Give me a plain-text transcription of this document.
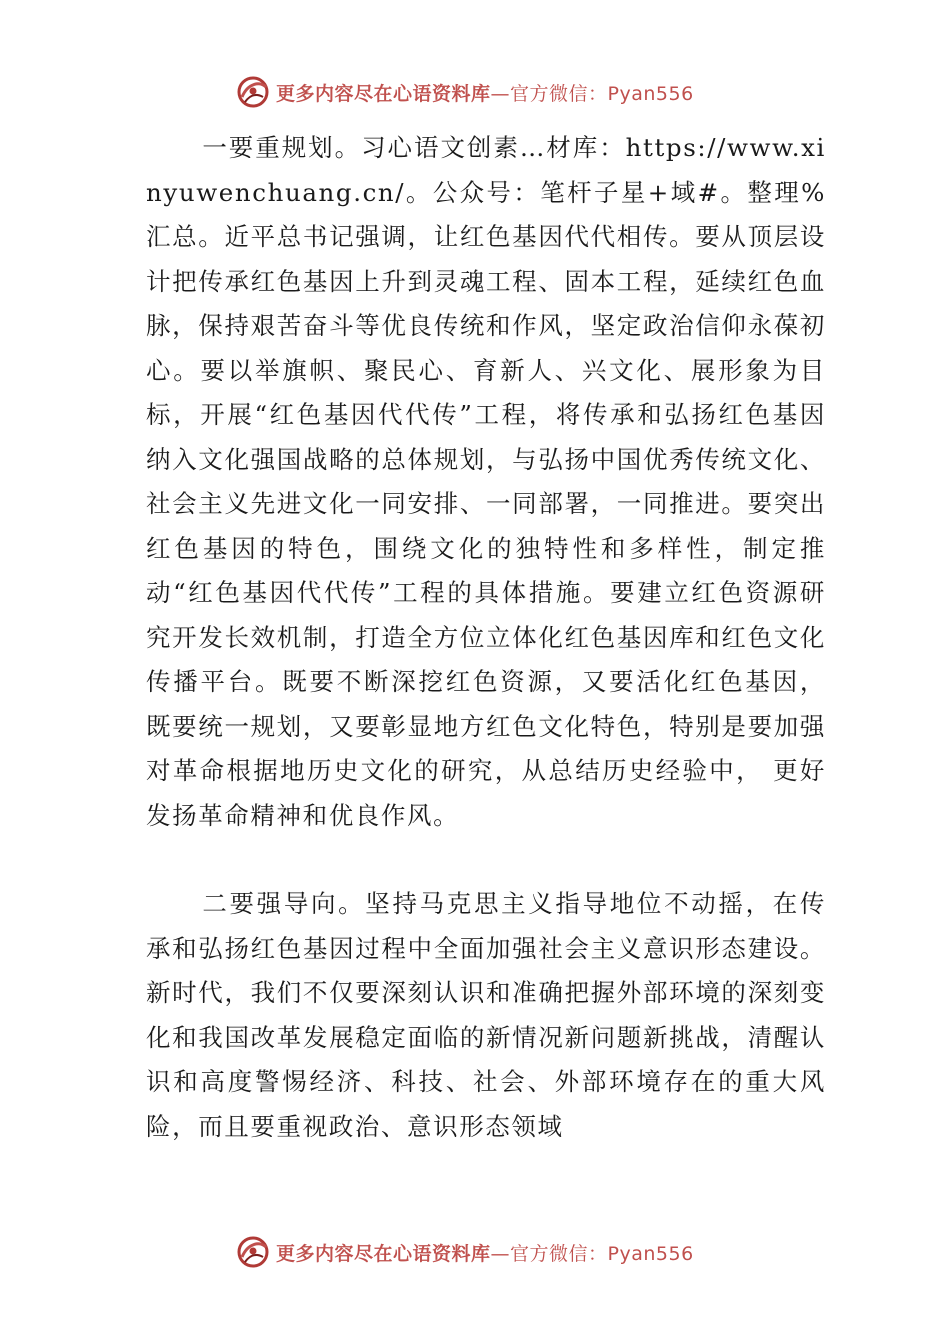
更多内容尽在心语资料库—官方微信：Pyan556

一要重规划。习心语文创素…材库：https://www.xinyuwenchuang.cn/。公众号：笔杆子星+域#。整理%汇总。近平总书记强调，让红色基因代代相传。要从顶层设计把传承红色基因上升到灵魂工程、固本工程，延续红色血脉，保持艰苦奋斗等优良传统和作风，坚定政治信仰永葆初心。要以举旗帜、聚民心、育新人、兴文化、展形象为目标，开展“红色基因代代传”工程，将传承和弘扬红色基因纳入文化强国战略的总体规划，与弘扬中国优秀传统文化、社会主义先进文化一同安排、一同部署，一同推进。要突出红色基因的特色，围绕文化的独特性和多样性，制定推动“红色基因代代传”工程的具体措施。要建立红色资源研究开发长效机制，打造全方位立体化红色基因库和红色文化传播平台。既要不断深挖红色资源，又要活化红色基因， 既要统一规划，又要彰显地方红色文化特色，特别是要加强对革命根据地历史文化的研究，从总结历史经验中， 更好发扬革命精神和优良作风。

二要强导向。坚持马克思主义指导地位不动摇，在传承和弘扬红色基因过程中全面加强社会主义意识形态建设。新时代，我们不仅要深刻认识和准确把握外部环境的深刻变化和我国改革发展稳定面临的新情况新问题新挑战，清醒认识和高度警惕经济、科技、社会、外部环境存在的重大风险，而且要重视政治、意识形态领域

更多内容尽在心语资料库—官方微信：Pyan556
